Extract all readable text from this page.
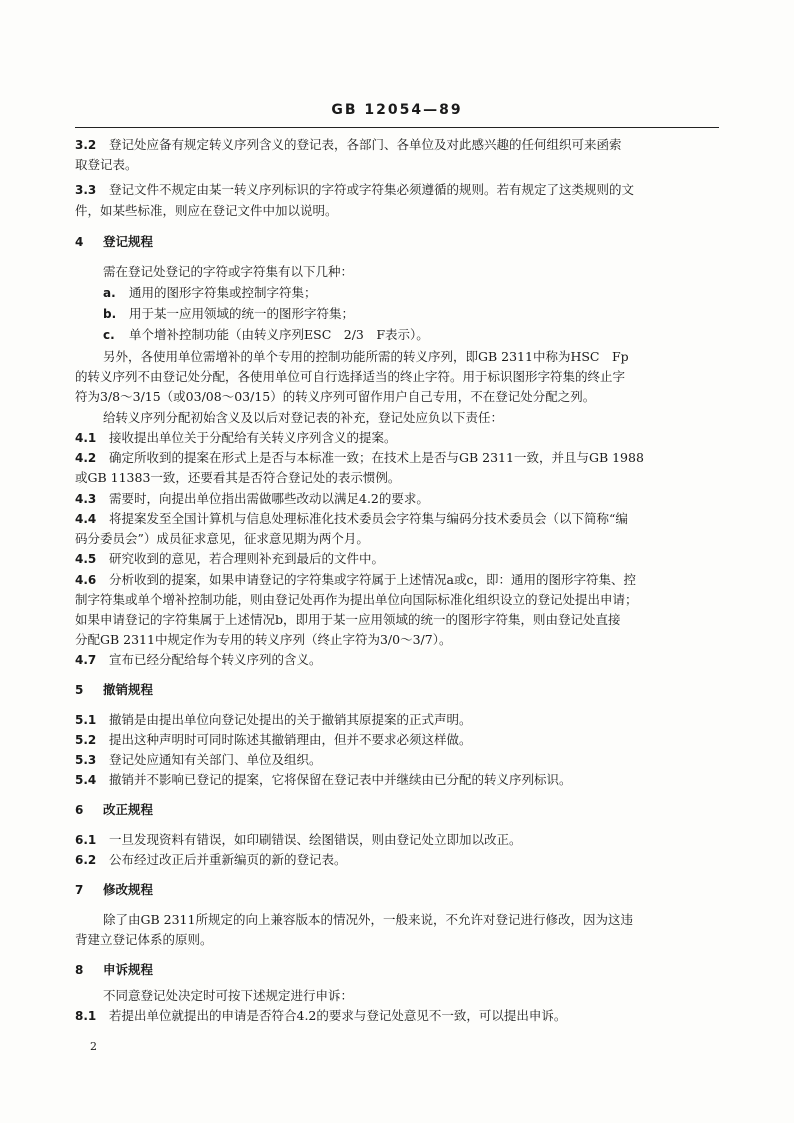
GB 12054—89
3.2 登记处应备有规定转义序列含义的登记表，各部门、各单位及对此感兴趣的任何组织可来函索
取登记表。
3.3 登记文件不规定由某一转义序列标识的字符或字符集必须遵循的规则。若有规定了这类规则的文
件，如某些标准，则应在登记文件中加以说明。
4 登记规程
需在登记处登记的字符或字符集有以下几种：
a. 通用的图形字符集或控制字符集；
b. 用于某一应用领域的统一的图形字符集；
c. 单个增补控制功能（由转义序列ESC　2/3　F表示）。
另外，各使用单位需增补的单个专用的控制功能所需的转义序列，即GB 2311中称为HSC　Fp
的转义序列不由登记处分配，各使用单位可自行选择适当的终止字符。用于标识图形字符集的终止字
符为3/8～3/15（或03/08～03/15）的转义序列可留作用户自己专用，不在登记处分配之列。
给转义序列分配初始含义及以后对登记表的补充，登记处应负以下责任：
4.1 接收提出单位关于分配给有关转义序列含义的提案。
4.2 确定所收到的提案在形式上是否与本标准一致；在技术上是否与GB 2311一致，并且与GB 1988
或GB 11383一致，还要看其是否符合登记处的表示惯例。
4.3 需要时，向提出单位指出需做哪些改动以满足4.2的要求。
4.4 将提案发至全国计算机与信息处理标准化技术委员会字符集与编码分技术委员会（以下简称“编
码分委员会”）成员征求意见，征求意见期为两个月。
4.5 研究收到的意见，若合理则补充到最后的文件中。
4.6 分析收到的提案，如果申请登记的字符集或字符属于上述情况a或c，即：通用的图形字符集、控
制字符集或单个增补控制功能，则由登记处再作为提出单位向国际标准化组织设立的登记处提出申请；
如果申请登记的字符集属于上述情况b，即用于某一应用领域的统一的图形字符集，则由登记处直接
分配GB 2311中规定作为专用的转义序列（终止字符为3/0～3/7）。
4.7 宣布已经分配给每个转义序列的含义。
5 撤销规程
5.1 撤销是由提出单位向登记处提出的关于撤销其原提案的正式声明。
5.2 提出这种声明时可同时陈述其撤销理由，但并不要求必须这样做。
5.3 登记处应通知有关部门、单位及组织。
5.4 撤销并不影响已登记的提案，它将保留在登记表中并继续由已分配的转义序列标识。
6 改正规程
6.1 一旦发现资料有错误，如印刷错误、绘图错误，则由登记处立即加以改正。
6.2 公布经过改正后并重新编页的新的登记表。
7 修改规程
除了由GB 2311所规定的向上兼容版本的情况外，一般来说，不允许对登记进行修改，因为这违
背建立登记体系的原则。
8 申诉规程
不同意登记处决定时可按下述规定进行申诉：
8.1 若提出单位就提出的申请是否符合4.2的要求与登记处意见不一致，可以提出申诉。
2
